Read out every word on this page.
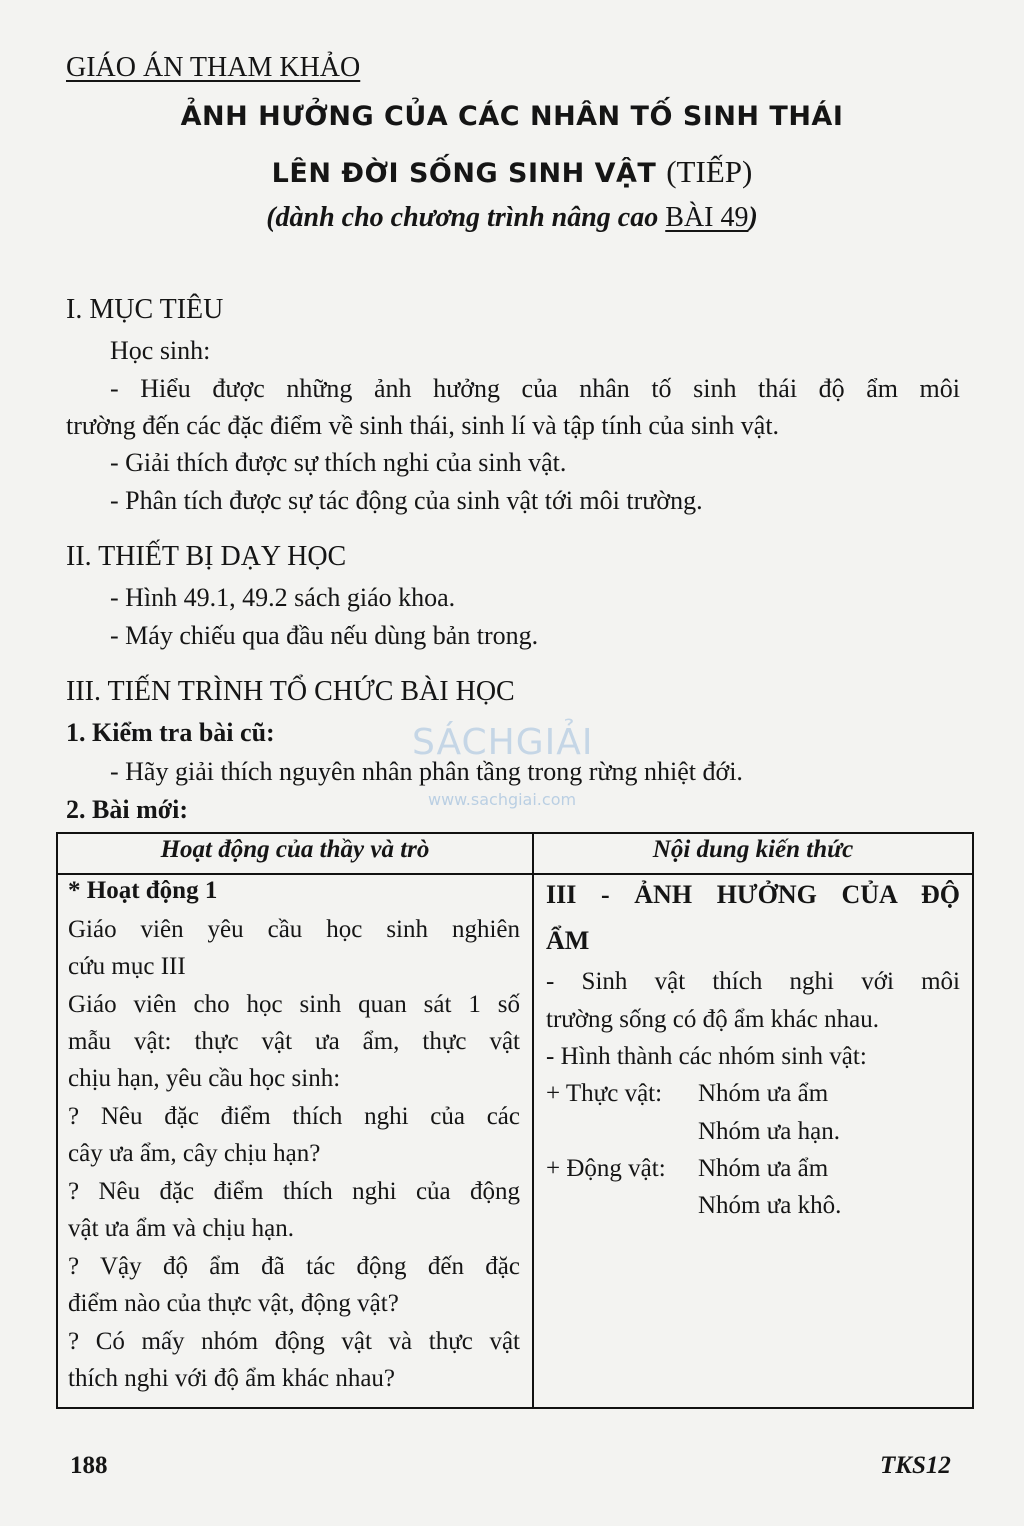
GIÁO ÁN THAM KHẢO
ẢNH HƯỞNG CỦA CÁC NHÂN TỐ SINH THÁI
LÊN ĐỜI SỐNG SINH VẬT (TIẾP)
(dành cho chương trình nâng cao BÀI 49)
I. MỤC TIÊU
Học sinh:
- Hiểu được những ảnh hưởng của nhân tố sinh thái độ ẩm môi
trường đến các đặc điểm về sinh thái, sinh lí và tập tính của sinh vật.
- Giải thích được sự thích nghi của sinh vật.
- Phân tích được sự tác động của sinh vật tới môi trường.
II. THIẾT BỊ DẠY HỌC
- Hình 49.1, 49.2 sách giáo khoa.
- Máy chiếu qua đầu nếu dùng bản trong.
III. TIẾN TRÌNH TỔ CHỨC BÀI HỌC
1. Kiểm tra bài cũ:
- Hãy giải thích nguyên nhân phân tầng trong rừng nhiệt đới.
2. Bài mới:
SÁCHGIẢI
www.sachgiai.com
Hoạt động của thầy và trò	Nội dung kiến thức
* Hoạt động 1
Giáo viên yêu cầu học sinh nghiên
cứu mục III
Giáo viên cho học sinh quan sát 1 số
mẫu vật: thực vật ưa ẩm, thực vật
chịu hạn, yêu cầu học sinh:
? Nêu đặc điểm thích nghi của các
cây ưa ẩm, cây chịu hạn?
? Nêu đặc điểm thích nghi của động
vật ưa ẩm và chịu hạn.
? Vậy độ ẩm đã tác động đến đặc
điểm nào của thực vật, động vật?
? Có mấy nhóm động vật và thực vật
thích nghi với độ ẩm khác nhau?
III - ẢNH HƯỞNG CỦA ĐỘ
ẨM
- Sinh vật thích nghi với môi
trường sống có độ ẩm khác nhau.
- Hình thành các nhóm sinh vật:
+ Thực vật: Nhóm ưa ẩm
Nhóm ưa hạn.
+ Động vật: Nhóm ưa ẩm
Nhóm ưa khô.
188	TKS12
